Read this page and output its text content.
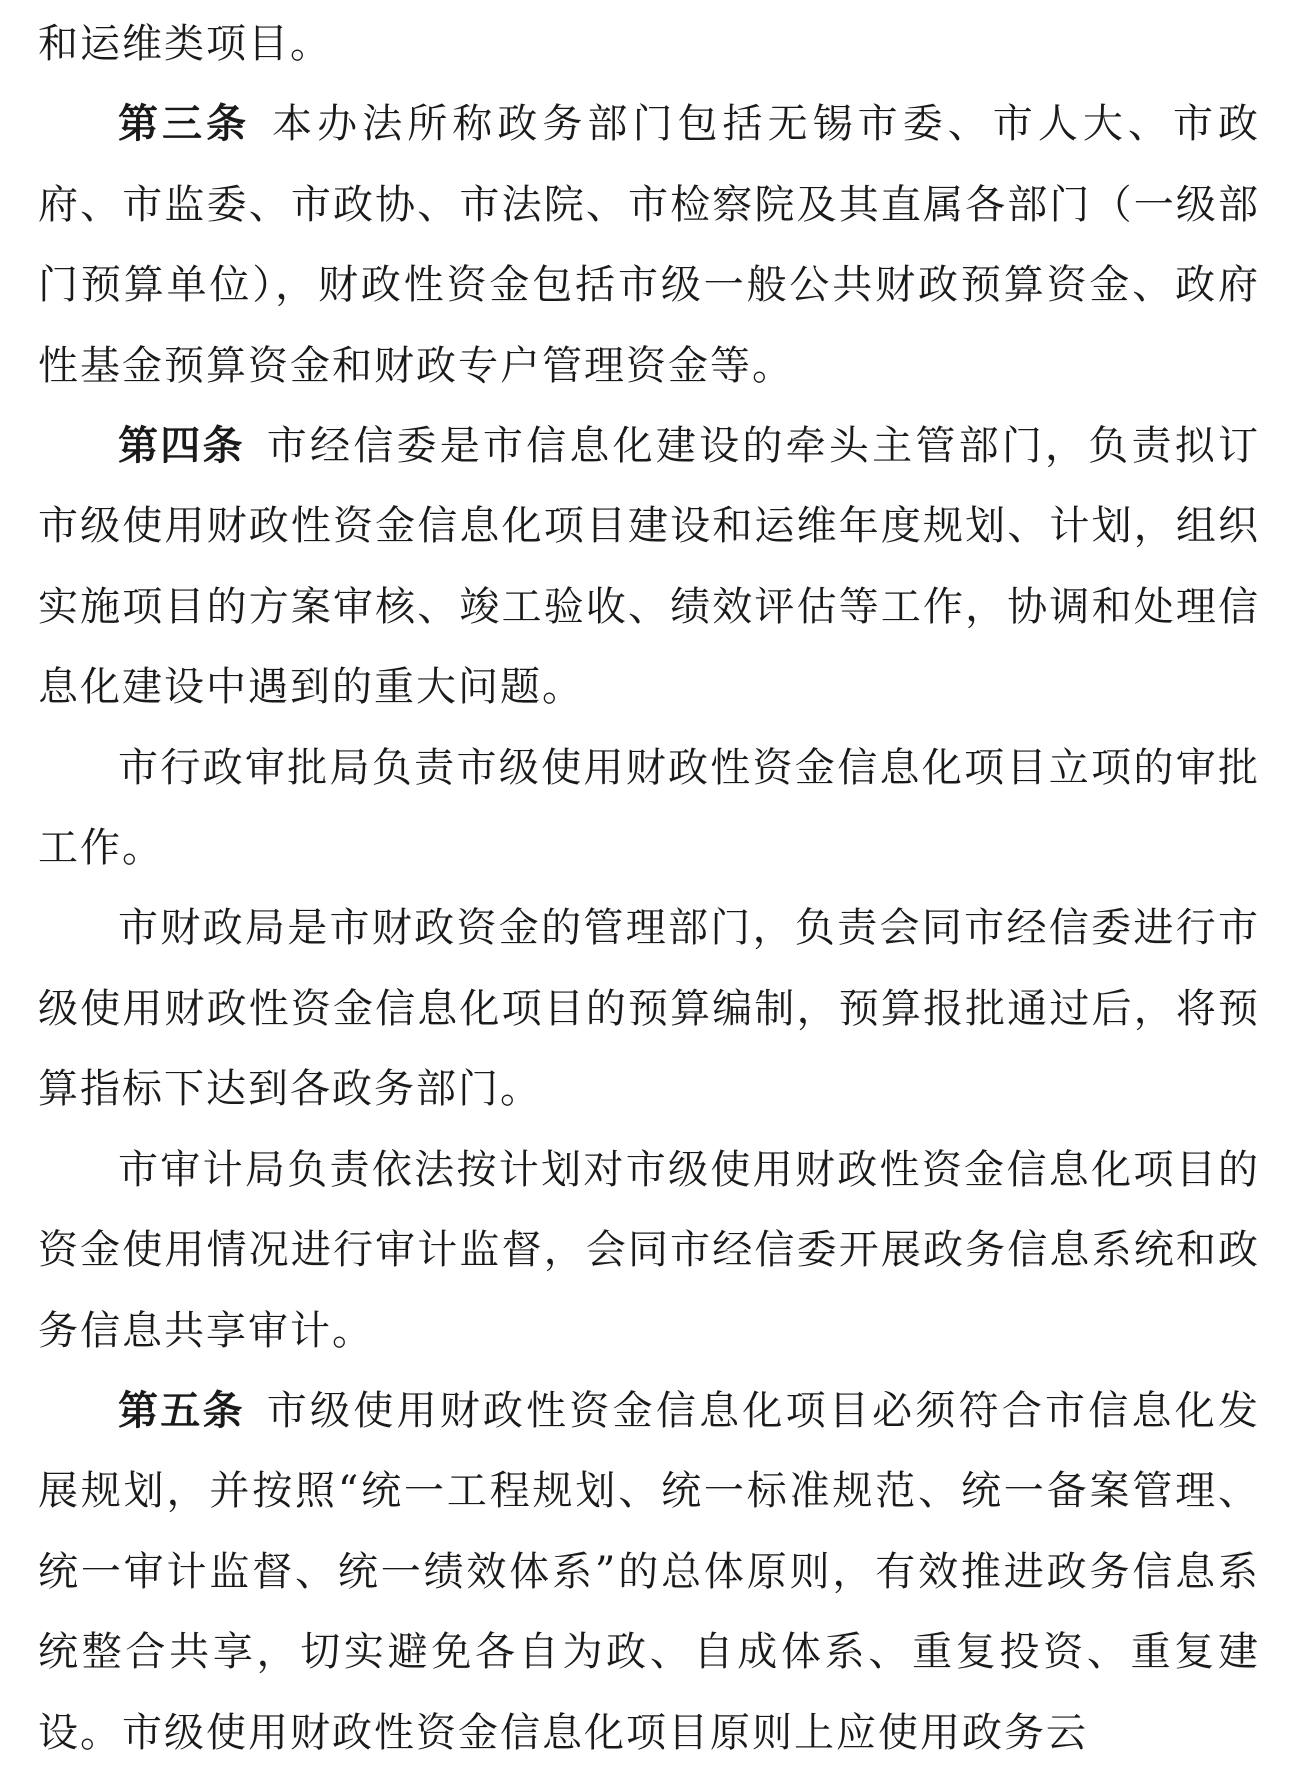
和运维类项目。

第三条 本办法所称政务部门包括无锡市委、市人大、市政府、市监委、市政协、市法院、市检察院及其直属各部门（一级部门预算单位），财政性资金包括市级一般公共财政预算资金、政府性基金预算资金和财政专户管理资金等。

第四条 市经信委是市信息化建设的牵头主管部门，负责拟订市级使用财政性资金信息化项目建设和运维年度规划、计划，组织实施项目的方案审核、竣工验收、绩效评估等工作，协调和处理信息化建设中遇到的重大问题。

市行政审批局负责市级使用财政性资金信息化项目立项的审批工作。

市财政局是市财政资金的管理部门，负责会同市经信委进行市级使用财政性资金信息化项目的预算编制，预算报批通过后，将预算指标下达到各政务部门。

市审计局负责依法按计划对市级使用财政性资金信息化项目的资金使用情况进行审计监督，会同市经信委开展政务信息系统和政务信息共享审计。

第五条 市级使用财政性资金信息化项目必须符合市信息化发展规划，并按照“统一工程规划、统一标准规范、统一备案管理、统一审计监督、统一绩效体系”的总体原则，有效推进政务信息系统整合共享，切实避免各自为政、自成体系、重复投资、重复建设。市级使用财政性资金信息化项目原则上应使用政务云
